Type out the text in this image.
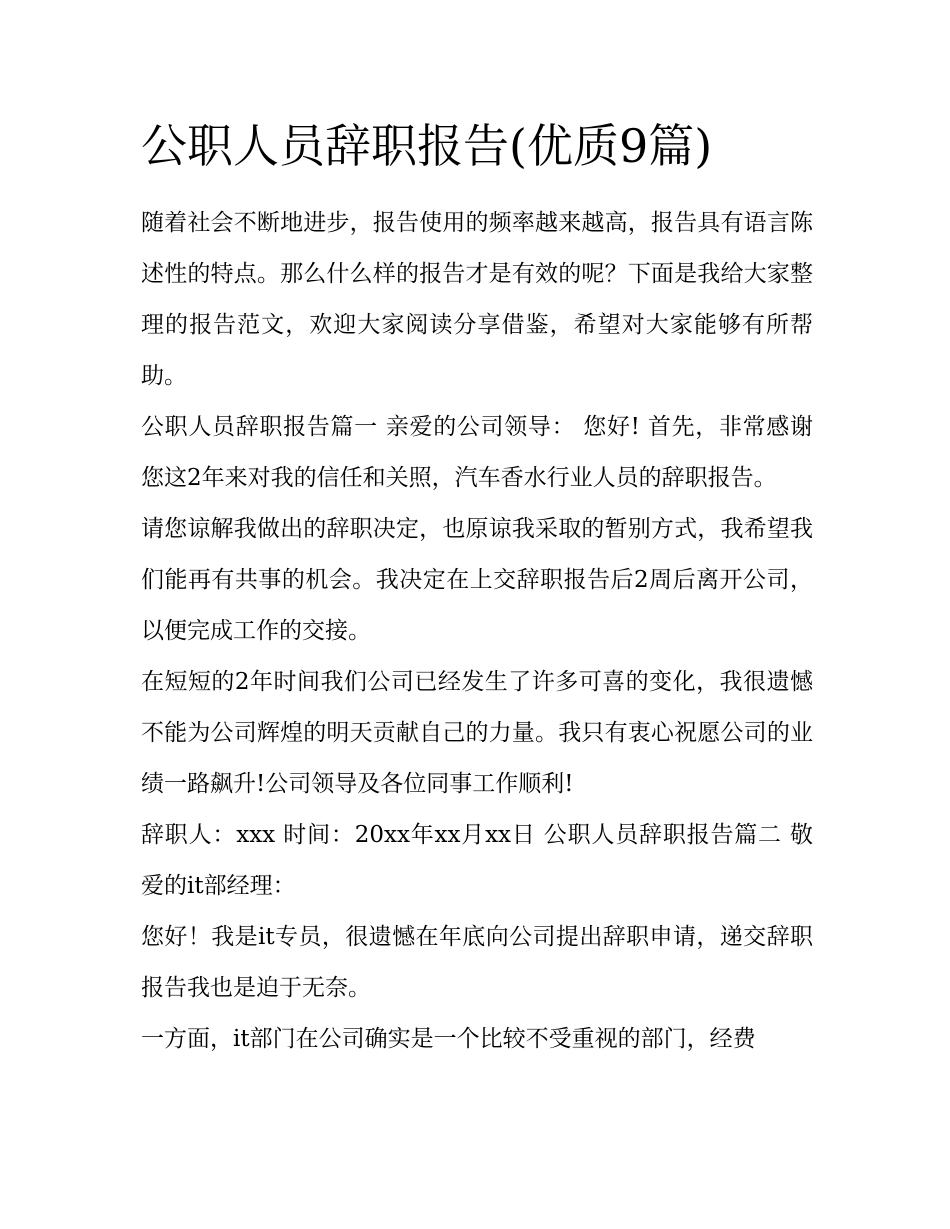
公职人员辞职报告(优质9篇)

随着社会不断地进步，报告使用的频率越来越高，报告具有语言陈述性的特点。那么什么样的报告才是有效的呢？下面是我给大家整理的报告范文，欢迎大家阅读分享借鉴，希望对大家能够有所帮助。

公职人员辞职报告篇一 亲爱的公司领导： 您好! 首先，非常感谢您这2年来对我的信任和关照，汽车香水行业人员的辞职报告。

请您谅解我做出的辞职决定，也原谅我采取的暂别方式，我希望我们能再有共事的机会。我决定在上交辞职报告后2周后离开公司，以便完成工作的交接。

在短短的2年时间我们公司已经发生了许多可喜的变化，我很遗憾不能为公司辉煌的明天贡献自己的力量。我只有衷心祝愿公司的业绩一路飙升!公司领导及各位同事工作顺利!

辞职人：xxx 时间：20xx年xx月xx日 公职人员辞职报告篇二 敬爱的it部经理：

您好！我是it专员，很遗憾在年底向公司提出辞职申请，递交辞职报告我也是迫于无奈。

一方面，it部门在公司确实是一个比较不受重视的部门，经费
